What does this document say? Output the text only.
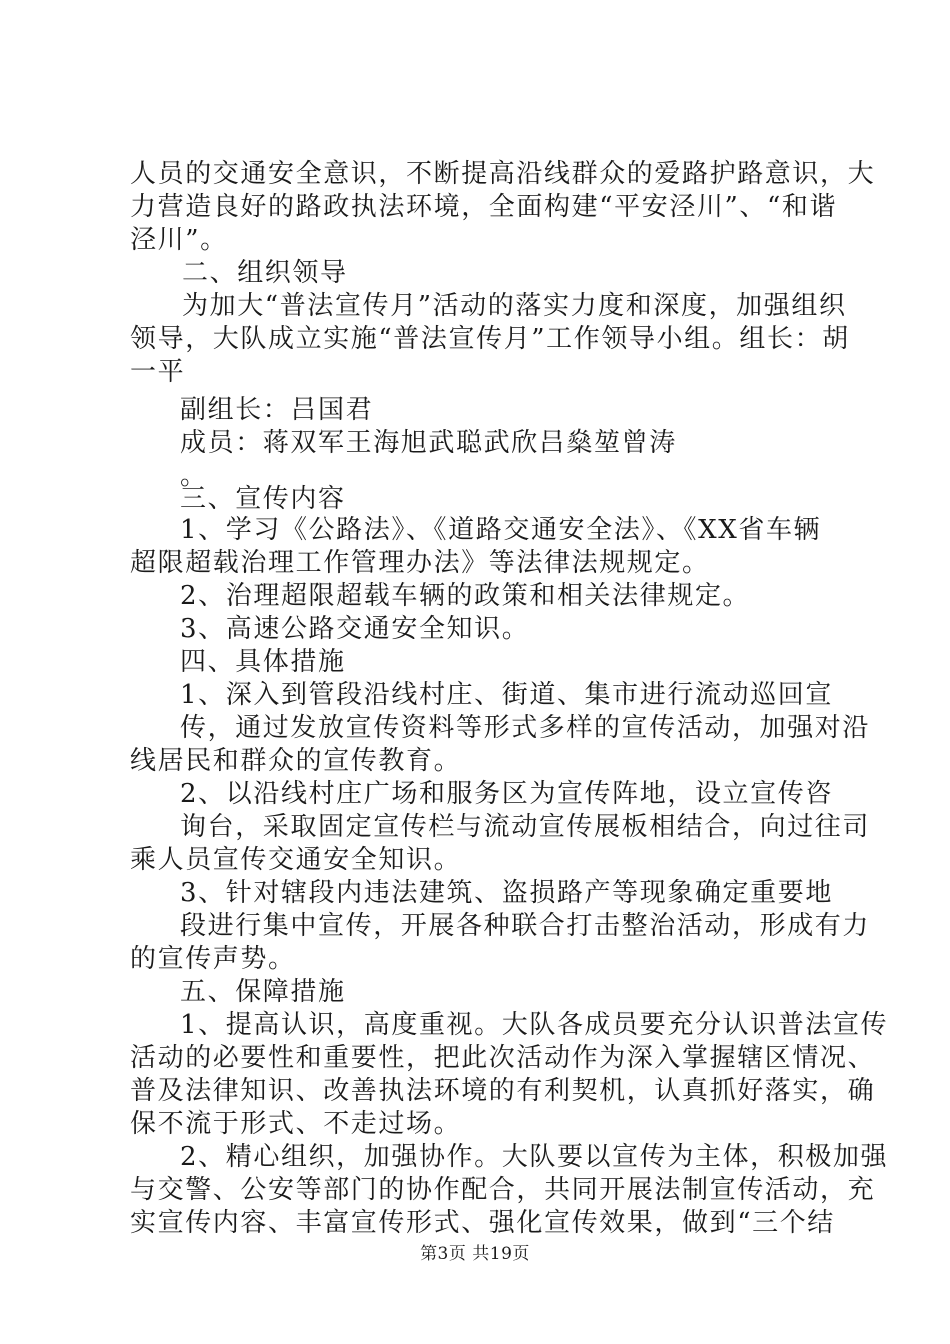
人员的交通安全意识，不断提高沿线群众的爱路护路意识，大
力营造良好的路政执法环境，全面构建“平安泾川”、“和谐
泾川”。
二、组织领导
为加大“普法宣传月”活动的落实力度和深度，加强组织
领导，大队成立实施“普法宣传月”工作领导小组。组长：胡
一平
副组长：吕国君
成员：蒋双军王海旭武聪武欣吕燊堃曾涛
。
三、宣传内容
1、学习《公路法》、《道路交通安全法》、《XX省车辆
超限超载治理工作管理办法》等法律法规规定。
2、治理超限超载车辆的政策和相关法律规定。
3、高速公路交通安全知识。
四、具体措施
1、深入到管段沿线村庄、街道、集市进行流动巡回宣
传，通过发放宣传资料等形式多样的宣传活动，加强对沿
线居民和群众的宣传教育。
2、以沿线村庄广场和服务区为宣传阵地，设立宣传咨
询台，采取固定宣传栏与流动宣传展板相结合，向过往司
乘人员宣传交通安全知识。
3、针对辖段内违法建筑、盗损路产等现象确定重要地
段进行集中宣传，开展各种联合打击整治活动，形成有力
的宣传声势。
五、保障措施
1、提高认识，高度重视。大队各成员要充分认识普法宣传
活动的必要性和重要性，把此次活动作为深入掌握辖区情况、
普及法律知识、改善执法环境的有利契机，认真抓好落实，确
保不流于形式、不走过场。
2、精心组织，加强协作。大队要以宣传为主体，积极加强
与交警、公安等部门的协作配合，共同开展法制宣传活动，充
实宣传内容、丰富宣传形式、强化宣传效果，做到“三个结
第3页 共19页
